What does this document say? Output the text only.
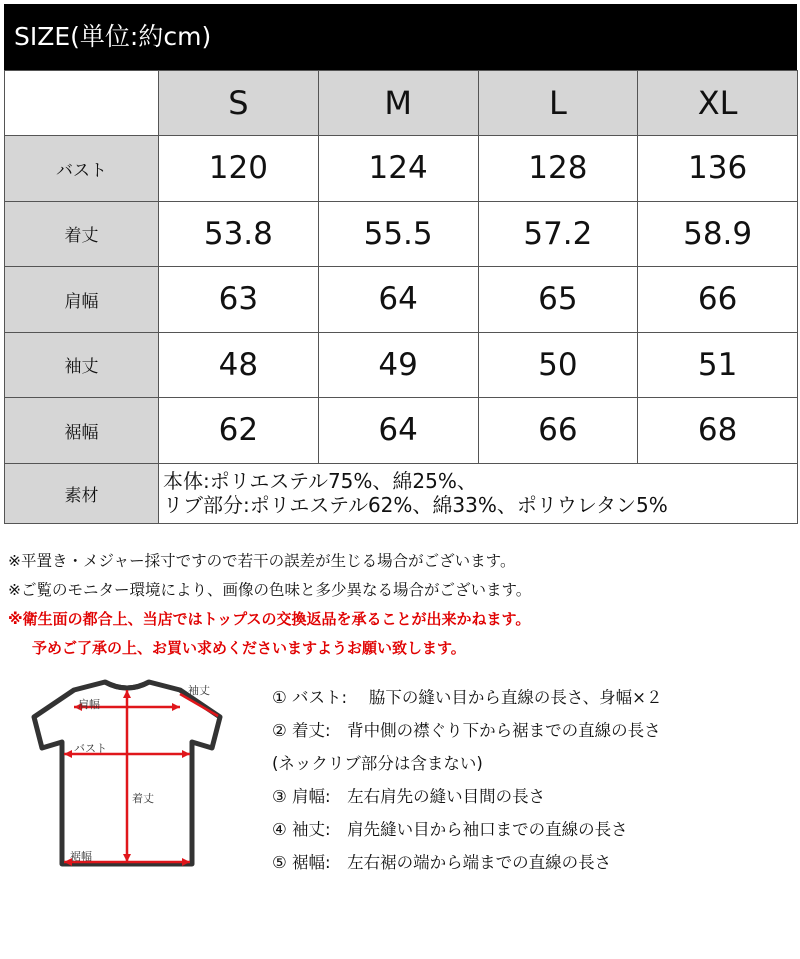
SIZE(単位:約cm)
	S	M	L	XL
バスト	120	124	128	136
着丈	53.8	55.5	57.2	58.9
肩幅	63	64	65	66
袖丈	48	49	50	51
裾幅	62	64	66	68
素材	本体:ポリエステル75%、綿25%、
リブ部分:ポリエステル62%、綿33%、ポリウレタン5%			
※平置き・メジャー採寸ですので若干の誤差が生じる場合がございます。
※ご覧のモニター環境により、画像の色味と多少異なる場合がございます。
※衛生面の都合上、当店ではトップスの交換返品を承ることが出来かねます。
予めご了承の上、お買い求めくださいますようお願い致します。
袖丈
肩幅
バスト
着丈
裾幅
① バスト:　 脇下の縫い目から直線の長さ、身幅×２
② 着丈:　背中側の襟ぐり下から裾までの直線の長さ
(ネックリブ部分は含まない)
③ 肩幅:　左右肩先の縫い目間の長さ
④ 袖丈:　肩先縫い目から袖口までの直線の長さ
⑤ 裾幅:　左右裾の端から端までの直線の長さ
